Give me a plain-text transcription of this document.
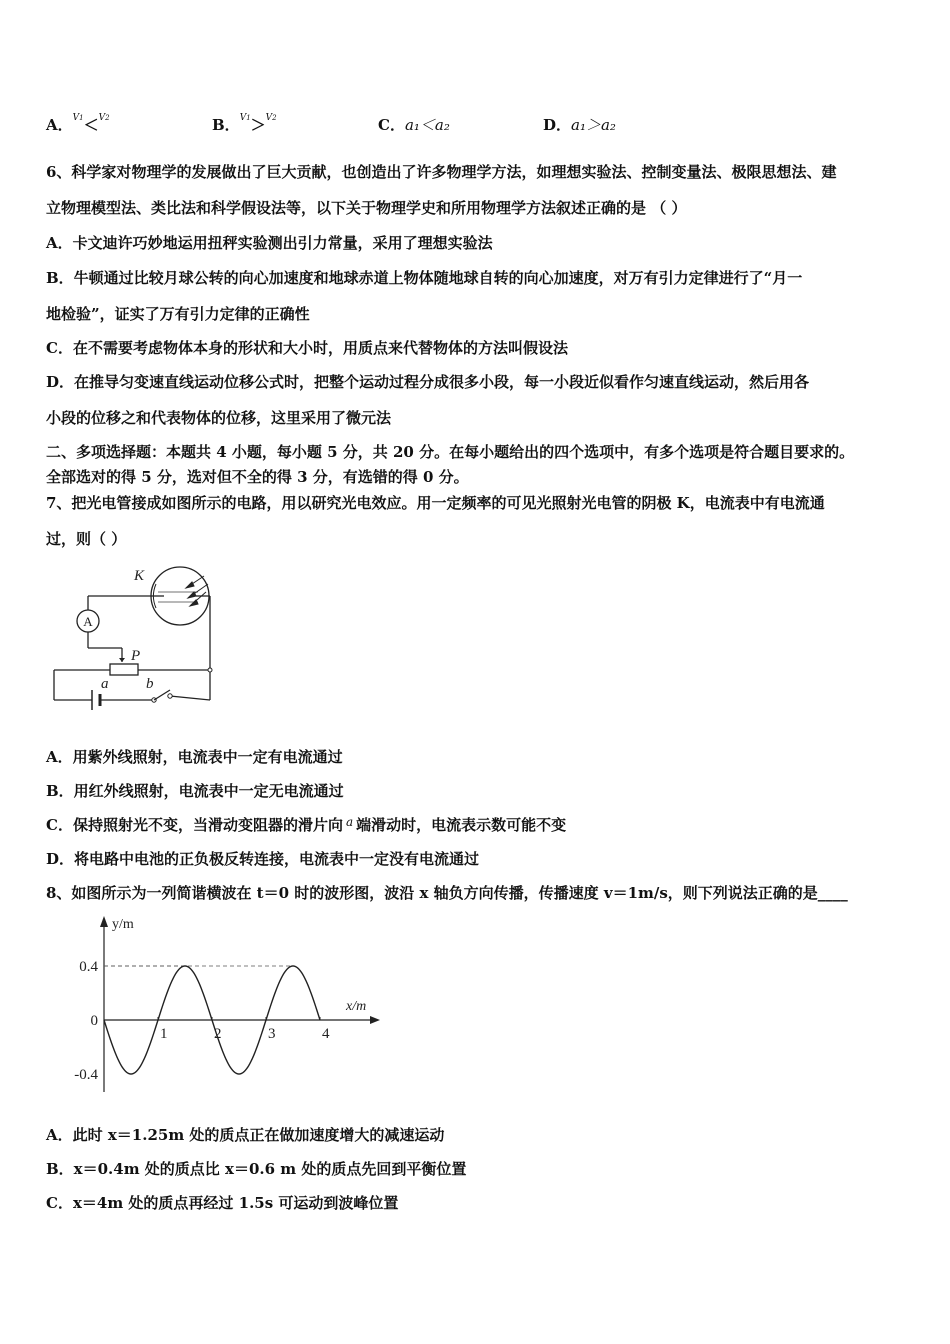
A．$^{V1}$＜$^{V2}$	B．$^{V1}$＞$^{V2}$	C．a₁＜a₂	D．a₁＞a₂
6、科学家对物理学的发展做出了巨大贡献，也创造出了许多物理学方法，如理想实验法、控制变量法、极限思想法、建
立物理模型法、类比法和科学假设法等，以下关于物理学史和所用物理学方法叙述正确的是 （ ）
A．卡文迪许巧妙地运用扭秤实验测出引力常量，采用了理想实验法
B．牛顿通过比较月球公转的向心加速度和地球赤道上物体随地球自转的向心加速度，对万有引力定律进行了“月一
地检验”，证实了万有引力定律的正确性
C．在不需要考虑物体本身的形状和大小时，用质点来代替物体的方法叫假设法
D．在推导匀变速直线运动位移公式时，把整个运动过程分成很多小段，每一小段近似看作匀速直线运动，然后用各
小段的位移之和代表物体的位移，这里采用了微元法
二、多项选择题：本题共 4 小题，每小题 5 分，共 20 分。在每小题给出的四个选项中，有多个选项是符合题目要求的。
全部选对的得 5 分，选对但不全的得 3 分，有选错的得 0 分。
7、把光电管接成如图所示的电路，用以研究光电效应。用一定频率的可见光照射光电管的阴极 K，电流表中有电流通
过，则（ ）
A
K
P
a	b
A．用紫外线照射，电流表中一定有电流通过
B．用红外线照射，电流表中一定无电流通过
C．保持照射光不变，当滑动变阻器的滑片向 $^a$ 端滑动时，电流表示数可能不变
D．将电路中电池的正负极反转连接，电流表中一定没有电流通过
8、如图所示为一列简谐横波在 t＝0 时的波形图，波沿 x 轴负方向传播，传播速度 v＝1m/s，则下列说法正确的是____
y/m
x/m
1	2	3	4
0.4
0
-0.4
A．此时 x＝1.25m 处的质点正在做加速度增大的减速运动
B．x＝0.4m 处的质点比 x＝0.6 m 处的质点先回到平衡位置
C．x＝4m 处的质点再经过 1.5s 可运动到波峰位置
